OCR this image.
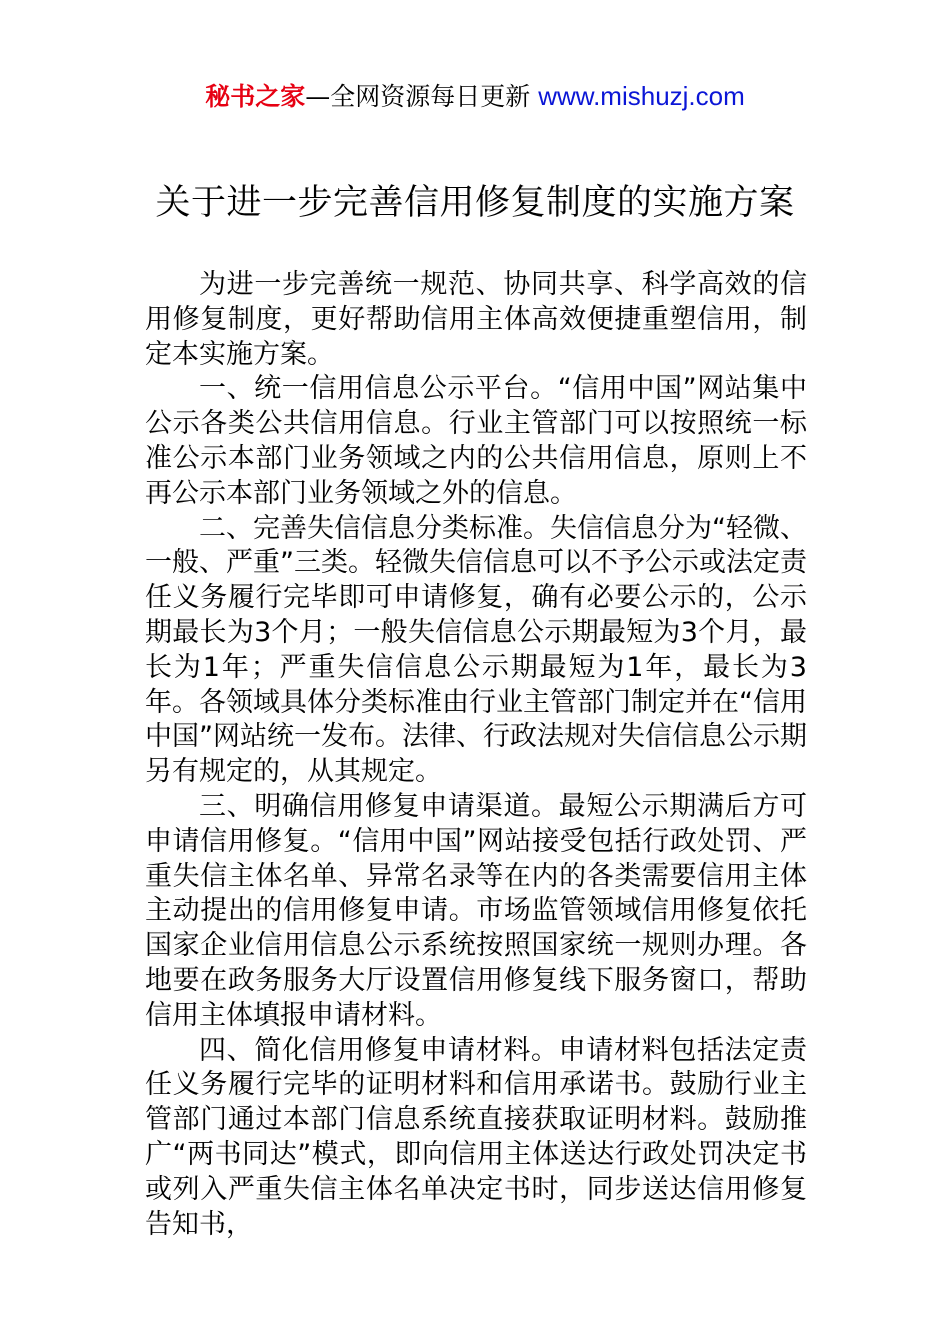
秘书之家—全网资源每日更新 www.mishuzj.com
关于进一步完善信用修复制度的实施方案

为进一步完善统一规范、协同共享、科学高效的信用修复制度，更好帮助信用主体高效便捷重塑信用，制定本实施方案。

一、统一信用信息公示平台。“信用中国”网站集中公示各类公共信用信息。行业主管部门可以按照统一标准公示本部门业务领域之内的公共信用信息，原则上不再公示本部门业务领域之外的信息。

二、完善失信信息分类标准。失信信息分为“轻微、一般、严重”三类。轻微失信信息可以不予公示或法定责任义务履行完毕即可申请修复，确有必要公示的，公示期最长为3个月；一般失信信息公示期最短为3个月，最长为1年；严重失信信息公示期最短为1年，最长为3年。各领域具体分类标准由行业主管部门制定并在“信用中国”网站统一发布。法律、行政法规对失信信息公示期另有规定的，从其规定。

三、明确信用修复申请渠道。最短公示期满后方可申请信用修复。“信用中国”网站接受包括行政处罚、严重失信主体名单、异常名录等在内的各类需要信用主体主动提出的信用修复申请。市场监管领域信用修复依托国家企业信用信息公示系统按照国家统一规则办理。各地要在政务服务大厅设置信用修复线下服务窗口，帮助信用主体填报申请材料。

四、简化信用修复申请材料。申请材料包括法定责任义务履行完毕的证明材料和信用承诺书。鼓励行业主管部门通过本部门信息系统直接获取证明材料。鼓励推广“两书同达”模式，即向信用主体送达行政处罚决定书或列入严重失信主体名单决定书时，同步送达信用修复告知书，
